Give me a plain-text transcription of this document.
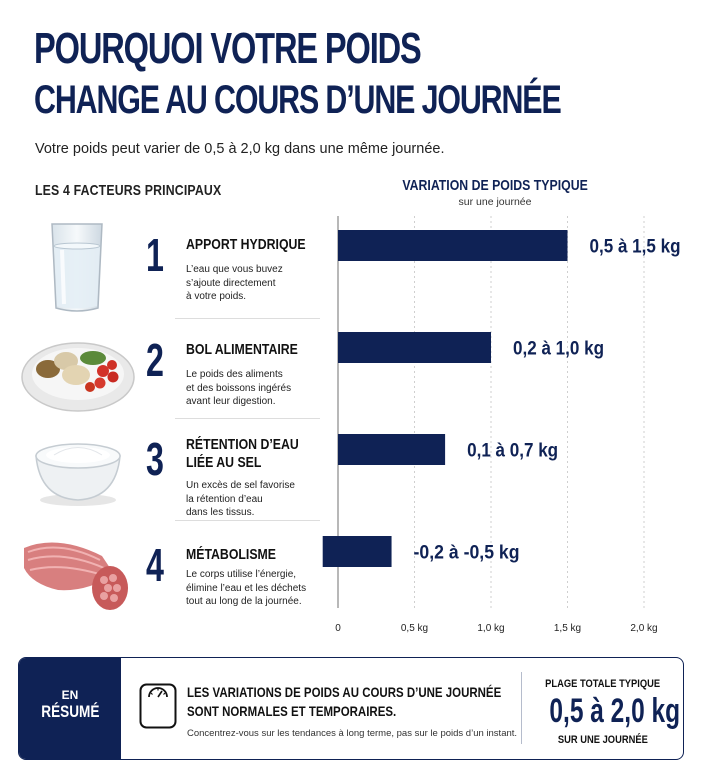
POURQUOI VOTRE POIDS
CHANGE AU COURS D’UNE JOURNÉE
Votre poids peut varier de 0,5 à 2,0 kg dans une même journée.
LES 4 FACTEURS PRINCIPAUX	VARIATION DE POIDS TYPIQUE
sur une journée
1 APPORT HYDRIQUE
L’eau que vous buvez
s’ajoute directement
à votre poids.
2 BOL ALIMENTAIRE
Le poids des aliments
et des boissons ingérés
avant leur digestion.
3 RÉTENTION D’EAU
LIÉE AU SEL
Un excès de sel favorise
la rétention d’eau
dans les tissus.
4 MÉTABOLISME
Le corps utilise l’énergie,
élimine l’eau et les déchets
tout au long de la journée.
0	0,5 kg	1,0 kg	1,5 kg	2,0 kg
0,5 à 1,5 kg
0,2 à 1,0 kg
0,1 à 0,7 kg
-0,2 à -0,5 kg
EN
RÉSUMÉ
LES VARIATIONS DE POIDS AU COURS D’UNE JOURNÉE
SONT NORMALES ET TEMPORAIRES.
Concentrez-vous sur les tendances à long terme, pas sur le poids d’un instant.
PLAGE TOTALE TYPIQUE
0,5 à 2,0 kg
SUR UNE JOURNÉE
